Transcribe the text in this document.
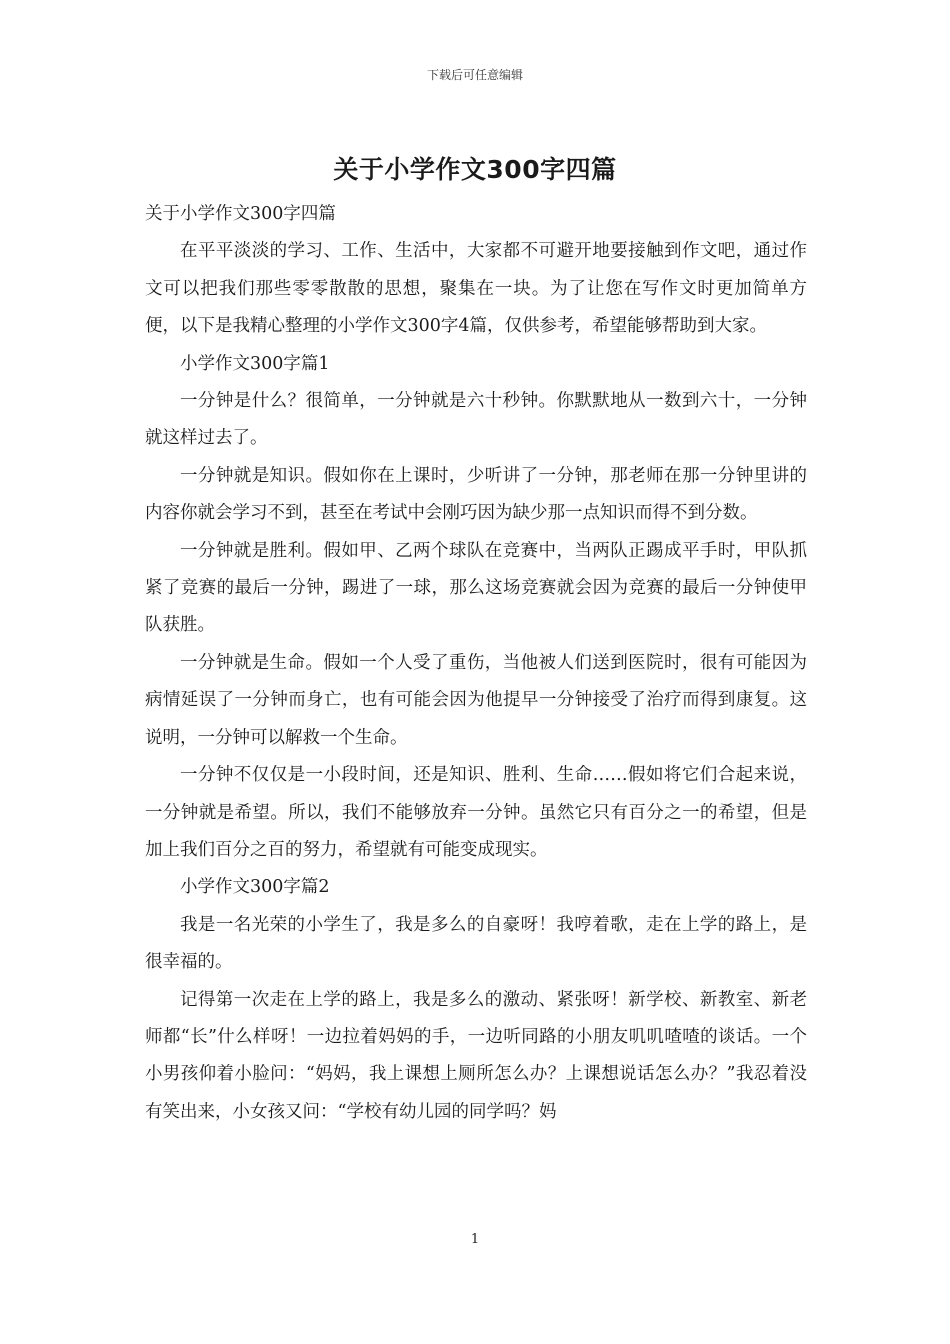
下载后可任意编辑
关于小学作文300字四篇

关于小学作文300字四篇

在平平淡淡的学习、工作、生活中，大家都不可避开地要接触到作文吧，通过作文可以把我们那些零零散散的思想，聚集在一块。为了让您在写作文时更加简单方便，以下是我精心整理的小学作文300字4篇，仅供参考，希望能够帮助到大家。

小学作文300字篇1

一分钟是什么？很简单，一分钟就是六十秒钟。你默默地从一数到六十，一分钟就这样过去了。

一分钟就是知识。假如你在上课时，少听讲了一分钟，那老师在那一分钟里讲的内容你就会学习不到，甚至在考试中会刚巧因为缺少那一点知识而得不到分数。

一分钟就是胜利。假如甲、乙两个球队在竞赛中，当两队正踢成平手时，甲队抓紧了竞赛的最后一分钟，踢进了一球，那么这场竞赛就会因为竞赛的最后一分钟使甲队获胜。

一分钟就是生命。假如一个人受了重伤，当他被人们送到医院时，很有可能因为病情延误了一分钟而身亡，也有可能会因为他提早一分钟接受了治疗而得到康复。这说明，一分钟可以解救一个生命。

一分钟不仅仅是一小段时间，还是知识、胜利、生命……假如将它们合起来说，一分钟就是希望。所以，我们不能够放弃一分钟。虽然它只有百分之一的希望，但是加上我们百分之百的努力，希望就有可能变成现实。

小学作文300字篇2

我是一名光荣的小学生了，我是多么的自豪呀！我哼着歌，走在上学的路上，是很幸福的。

记得第一次走在上学的路上，我是多么的激动、紧张呀！新学校、新教室、新老师都“长”什么样呀！一边拉着妈妈的手，一边听同路的小朋友叽叽喳喳的谈话。一个小男孩仰着小脸问：“妈妈，我上课想上厕所怎么办？上课想说话怎么办？”我忍着没有笑出来，小女孩又问：“学校有幼儿园的同学吗？妈

1
